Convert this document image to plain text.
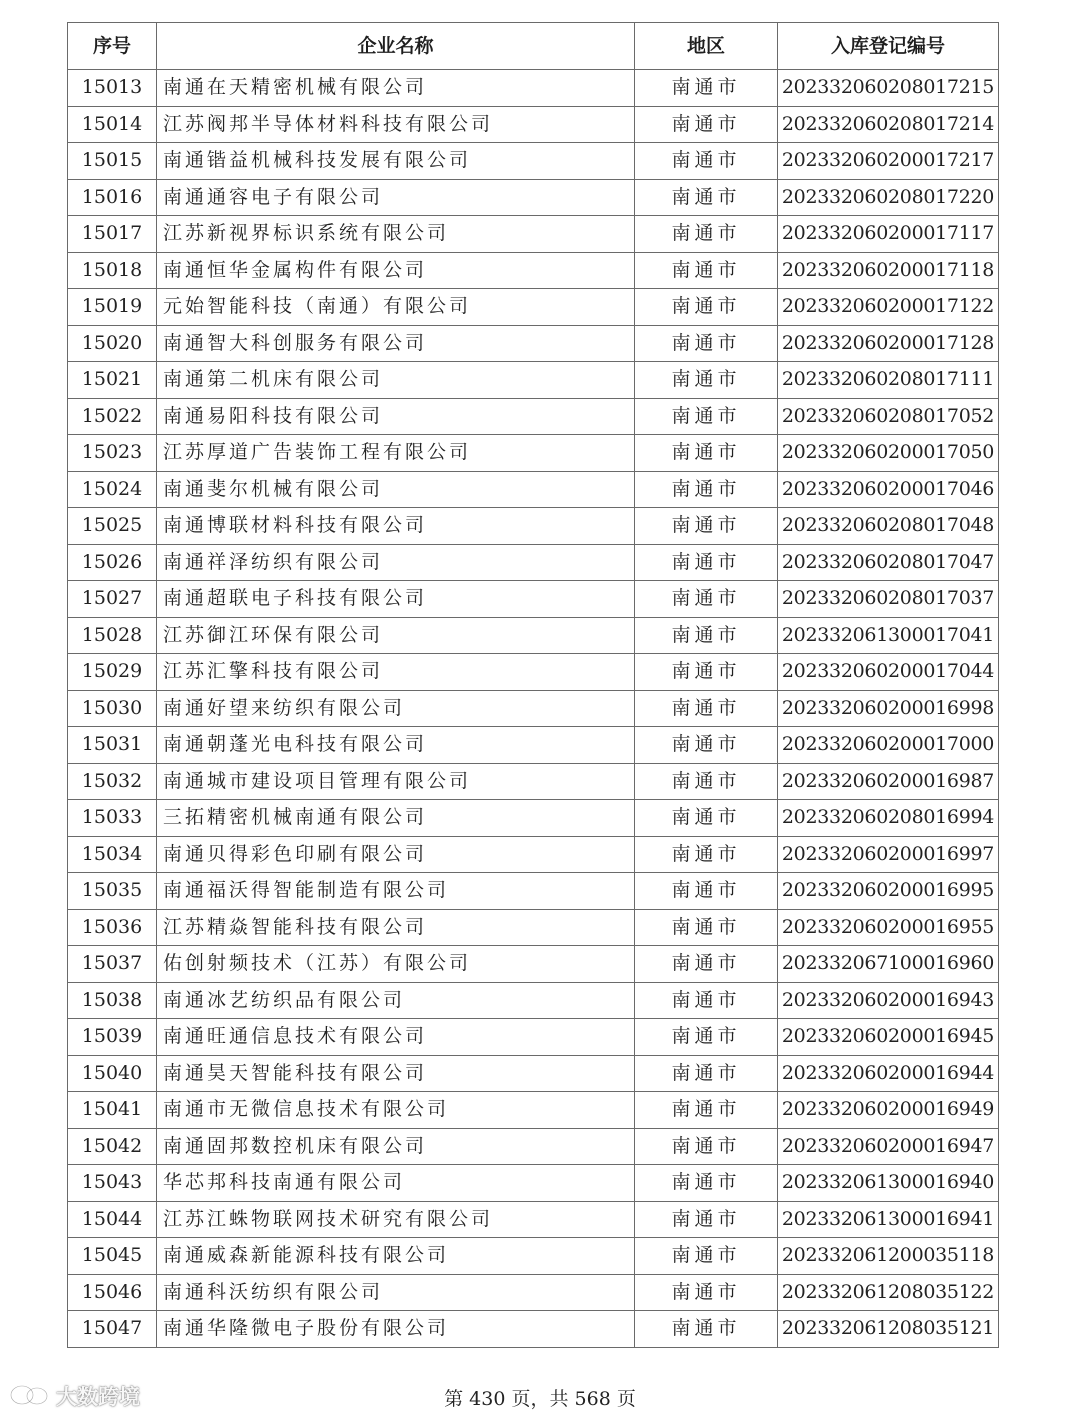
序号	企业名称	地区	入库登记编号
15013	南通在天精密机械有限公司	南通市	202332060208017215
15014	江苏阀邦半导体材料科技有限公司	南通市	202332060208017214
15015	南通锴益机械科技发展有限公司	南通市	202332060200017217
15016	南通通容电子有限公司	南通市	202332060208017220
15017	江苏新视界标识系统有限公司	南通市	202332060200017117
15018	南通恒华金属构件有限公司	南通市	202332060200017118
15019	元始智能科技（南通）有限公司	南通市	202332060200017122
15020	南通智大科创服务有限公司	南通市	202332060200017128
15021	南通第二机床有限公司	南通市	202332060208017111
15022	南通易阳科技有限公司	南通市	202332060208017052
15023	江苏厚道广告装饰工程有限公司	南通市	202332060200017050
15024	南通斐尔机械有限公司	南通市	202332060200017046
15025	南通博联材料科技有限公司	南通市	202332060208017048
15026	南通祥泽纺织有限公司	南通市	202332060208017047
15027	南通超联电子科技有限公司	南通市	202332060208017037
15028	江苏御江环保有限公司	南通市	202332061300017041
15029	江苏汇擎科技有限公司	南通市	202332060200017044
15030	南通好望来纺织有限公司	南通市	202332060200016998
15031	南通朝蓬光电科技有限公司	南通市	202332060200017000
15032	南通城市建设项目管理有限公司	南通市	202332060200016987
15033	三拓精密机械南通有限公司	南通市	202332060208016994
15034	南通贝得彩色印刷有限公司	南通市	202332060200016997
15035	南通福沃得智能制造有限公司	南通市	202332060200016995
15036	江苏精焱智能科技有限公司	南通市	202332060200016955
15037	佑创射频技术（江苏）有限公司	南通市	202332067100016960
15038	南通冰艺纺织品有限公司	南通市	202332060200016943
15039	南通旺通信息技术有限公司	南通市	202332060200016945
15040	南通昊天智能科技有限公司	南通市	202332060200016944
15041	南通市无微信息技术有限公司	南通市	202332060200016949
15042	南通固邦数控机床有限公司	南通市	202332060200016947
15043	华芯邦科技南通有限公司	南通市	202332061300016940
15044	江苏江蛛物联网技术研究有限公司	南通市	202332061300016941
15045	南通威森新能源科技有限公司	南通市	202332061200035118
15046	南通科沃纺织有限公司	南通市	202332061208035122
15047	南通华隆微电子股份有限公司	南通市	202332061208035121
第 430 页，共 568 页
大数跨境
